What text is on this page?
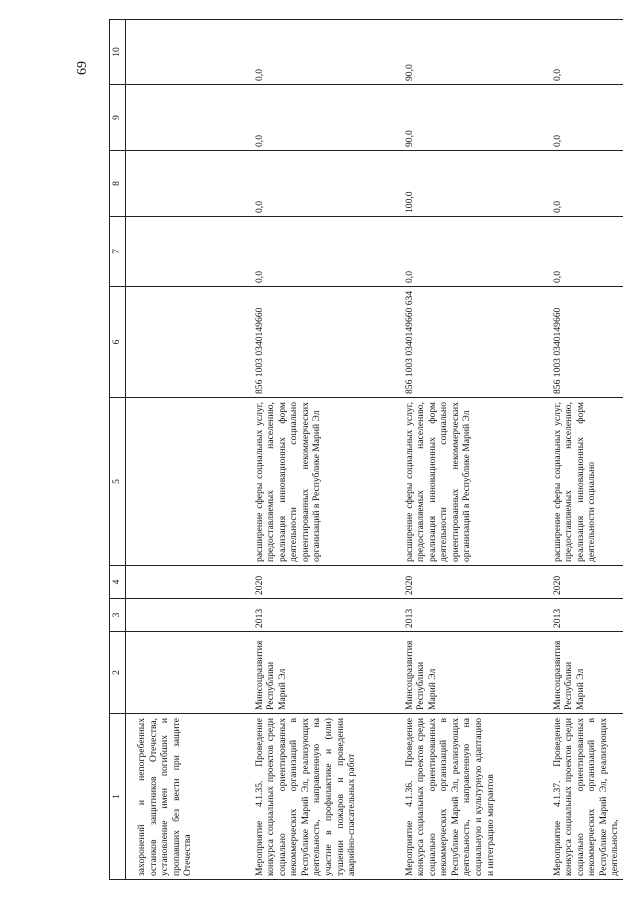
69
1	2	3	4	5	6	7	8	9	10
захоронений и непогребенных останков защитников Отечества, установление имен погибших и пропавших без вести при защите Отечества									
Мероприятие 4.1.35. Проведение конкурса социальных проектов среди социально ориентированных некоммерческих организаций в Республике Марий Эл, реализующих деятельность, направленную на участие в профилактике и (или) тушении пожаров и проведении аварийно-спасательных работ	Минсоцразвития Республики Марий Эл	2013	2020	расширение сферы социальных услуг, предоставляемых населению, реализация инновационных форм деятельности социально ориентированных некоммерческих организаций в Республике Марий Эл	856 1003 0340149660	0,0	0,0	0,0	0,0
Мероприятие 4.1.36. Проведение конкурса социальных проектов среди социально ориентированных некоммерческих организаций в Республике Марий Эл, реализующих деятельность, направленную на социальную и культурную адаптацию и интеграцию мигрантов	Минсоцразвития Республики Марий Эл	2013	2020	расширение сферы социальных услуг, предоставляемых населению, реализация инновационных форм деятельности социально ориентированных некоммерческих организаций в Республике Марий Эл	856 1003 0340149660 634	0,0	100,0	90,0	90,0
Мероприятие 4.1.37. Проведение конкурса социальных проектов среди социально ориентированных некоммерческих организаций в Республике Марий Эл, реализующих деятельность,	Минсоцразвития Республики Марий Эл	2013	2020	расширение сферы социальных услуг, предоставляемых населению, реализация инновационных форм деятельности социально	856 1003 0340149660	0,0	0,0	0,0	0,0
